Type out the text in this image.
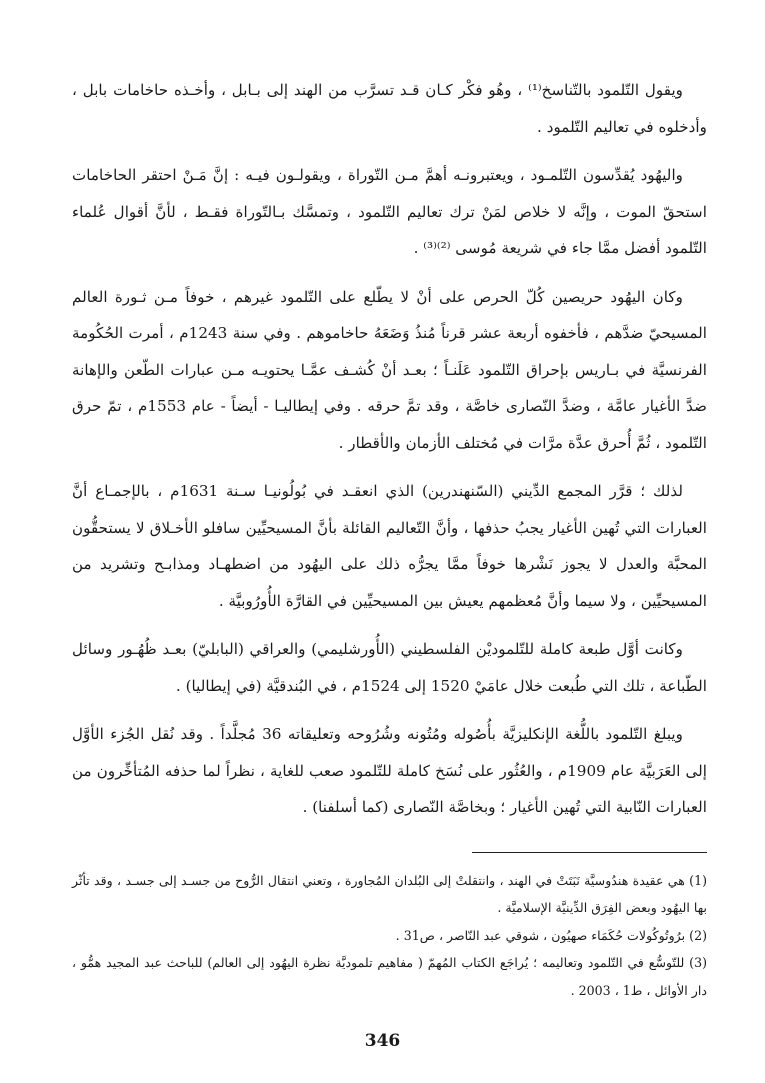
ويقول التّلمود بالتّناسخ⁽¹⁾ ، وهُو فكْر كـان قـد تسرَّب من الهند إلى بـابل ، وأخـذه حاخامات بابل ، وأدخلوه في تعاليم التّلمود .

واليهُود يُقدِّسون التّلمـود ، ويعتبرونـه أهمَّ مـن التّوراة ، ويقولـون فيـه : إنَّ مَـنْ احتقر الحاخامات استحقّ الموت ، وإنَّه لا خلاص لمَنْ ترك تعاليم التّلمود ، وتمسَّك بـالتّوراة فقـط ، لأنَّ أقوال عُلماء التّلمود أفضل ممَّا جاء في شريعة مُوسى ⁽²⁾⁽³⁾ .

وكان اليهُود حريصين كُلّ الحرص على أنْ لا يطّلع على التّلمود غيرهم ، خوفاً مـن ثـورة العالم المسيحيّ ضدَّهم ، فأخفوه أربعة عشر قرناً مُنذُ وَضَعَهُ حاخاموهم . وفي سنة 1243م ، أمرت الحُكُومة الفرنسيَّة في بـاريس بإحراق التّلمود عَلَنـاً ؛ بعـد أنْ كُشـف عمَّـا يحتويـه مـن عبارات الطّعن والإهانة ضدَّ الأغيار عامَّة ، وضدَّ النّصارى خاصَّة ، وقد تمَّ حرقه . وفي إيطاليـا - أيضاً - عام 1553م ، تمّ حرق التّلمود ، ثُمَّ أُحرق عدَّة مرَّات في مُختلف الأزمان والأقطار .

لذلك ؛ قرَّر المجمع الدِّيني (السّنهندرين) الذي انعقـد في بُولُونيـا سـنة 1631م ، بالإجمـاع أنَّ العبارات التي تُهين الأغيار يجبُ حذفها ، وأنَّ التّعاليم القائلة بأنَّ المسيحيِّين سافلو الأخـلاق لا يستحقُّون المحبَّة والعدل لا يجوز نَشْرها خوفاً ممَّا يجرُّه ذلك على اليهُود من اضطهـاد ومذابـح وتشريد من المسيحيِّين ، ولا سيما وأنَّ مُعظمهم يعيش بين المسيحيِّين في القارَّة الأُورُوبيَّة .

وكانت أوَّل طبعة كاملة للتّلموديْن الفلسطيني (الأُورشليمي) والعراقي (البابليّ) بعـد ظُهُـور وسائل الطّباعة ، تلك التي طُبعت خلال عامَيْ 1520 إلى 1524م ، في البُندقيَّة (في إيطاليا) .

ويبلغ التّلمود باللُّغة الإنكليزيَّة بأُصُوله ومُتُونه وشُرُوحه وتعليقاته 36 مُجلَّداً . وقد نُقل الجُزء الأوَّل إلى العَرَبيَّة عام 1909م ، والعُثُور على نُسَخ كاملة للتّلمود صعب للغاية ، نظراً لما حذفه المُتأخِّرون من العبارات النّابية التي تُهين الأغيار ؛ وبخاصَّة النّصارى (كما أسلفنا) .

(1) هي عقيدة هندُوسيَّة نَبَتَتْ في الهند ، وانتقلتْ إلى البُلدان المُجاورة ، وتعني انتقال الرُّوح من جسـد إلى جسـد ، وقد تأثّر بها اليهُود وبعض الفِرَق الدِّينيَّة الإسلاميَّة .

(2) برُوتُوكُولات حُكَمَاء صهيُون ، شوقي عبد النّاصر ، ص31 .

(3) للتّوسُّع في التّلمود وتعاليمه ؛ يُراجَع الكتاب المُهمّ ( مفاهيم تلموديَّة نظرة اليهُود إلى العالم) للباحث عبد المجيد همُّو ، دار الأوائل ، ط1 ، 2003 .

346
